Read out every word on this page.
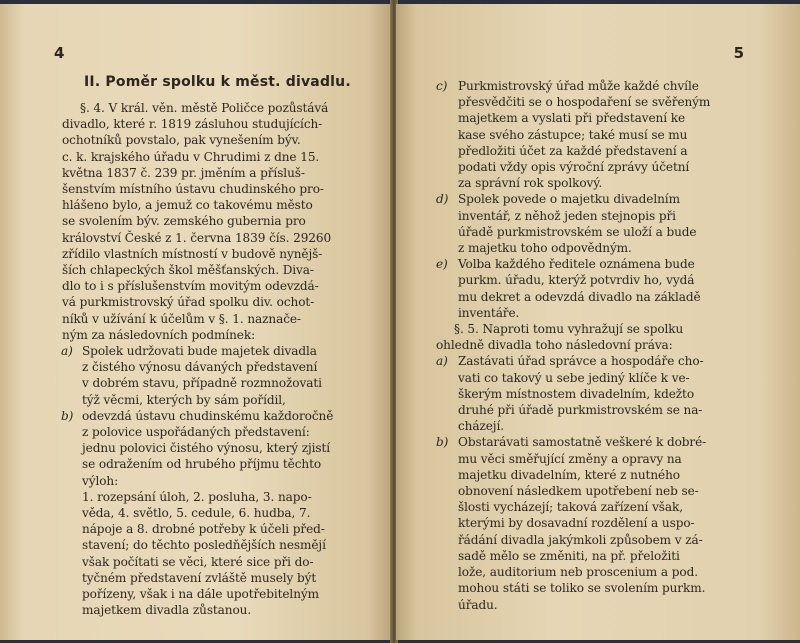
4
II. Poměr spolku k měst. divadlu.
§. 4. V král. věn. městě Poličce pozůstává
divadlo, které r. 1819 zásluhou studujících-
ochotníků povstalo, pak vynešením býv.
c. k. krajského úřadu v Chrudimi z dne 15.
května 1837 č. 239 pr. jměním a přísluš-
šenstvím místního ústavu chudinského pro-
hlášeno bylo, a jemuž co takovému město
se svolením býv. zemského gubernia pro
království České z 1. června 1839 čís. 29260
zřídilo vlastních místností v budově nynějš-
ších chlapeckých škol měšťanských. Diva-
dlo to i s příslušenstvím movitým odevzdá-
vá purkmistrovský úřad spolku div. ochot-
níků v užívání k účelům v §. 1. naznače-
ným za následovních podmínek:
a) Spolek udržovati bude majetek divadla
z čistého výnosu dávaných představení
v dobrém stavu, případně rozmnožovati
týž věcmi, kterých by sám pořídil,
b) odevzdá ústavu chudinskému každoročně
z polovice uspořádaných představení:
jednu polovici čistého výnosu, který zjistí
se odražením od hrubého příjmu těchto
výloh:
1. rozepsání úloh, 2. posluha, 3. napo-
věda, 4. světlo, 5. cedule, 6. hudba, 7.
nápoje a 8. drobné potřeby k účeli před-
stavení; do těchto posledňějších nesmějí
však počítati se věci, které sice při do-
tyčném představení zvláště musely být
pořízeny, však i na dále upotřebitelným
majetkem divadla zůstanou.
5
c) Purkmistrovský úřad může každé chvíle
přesvědčiti se o hospodaření se svěřeným
majetkem a vyslati při představení ke
kase svého zástupce; také musí se mu
předložiti účet za každé představení a
podati vždy opis výroční zprávy účetní
za správní rok spolkový.
d) Spolek povede o majetku divadelním
inventář, z něhož jeden stejnopis při
úřadě purkmistrovském se uloží a bude
z majetku toho odpovědným.
e) Volba každého ředitele oznámena bude
purkm. úřadu, kterýž potvrdiv ho, vydá
mu dekret a odevzdá divadlo na základě
inventáře.
§. 5. Naproti tomu vyhražují se spolku
ohledně divadla toho následovní práva:
a) Zastávati úřad správce a hospodáře cho-
vati co takový u sebe jediný klíče k ve-
škerým místnostem divadelním, kdežto
druhé při úřadě purkmistrovském se na-
cházejí.
b) Obstarávati samostatně veškeré k dobré-
mu věci směřující změny a opravy na
majetku divadelním, které z nutného
obnovení následkem upotřebení neb se-
šlosti vycházejí; taková zařízení však,
kterými by dosavadní rozdělení a uspo-
řádání divadla jakýmkoli způsobem v zá-
sadě mělo se změniti, na př. přeložiti
lože, auditorium neb proscenium a pod.
mohou státi se toliko se svolením purkm.
úřadu.
